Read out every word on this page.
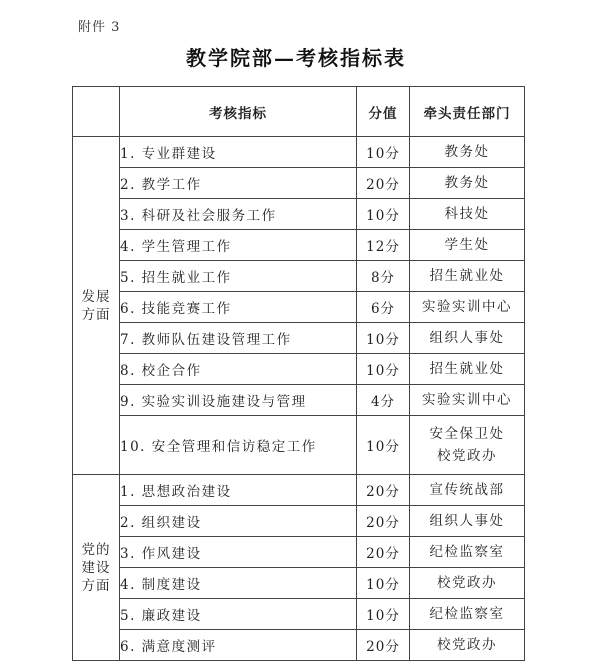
附件 3
教学院部—考核指标表
	考核指标	分值	牵头责任部门

发展
方面	1. 专业群建设	10分	教务处

	2. 教学工作	20分	教务处

	3. 科研及社会服务工作	10分	科技处

	4. 学生管理工作	12分	学生处

	5. 招生就业工作	8分	招生就业处

	6. 技能竞赛工作	6分	实验实训中心

	7. 教师队伍建设管理工作	10分	组织人事处

	8. 校企合作	10分	招生就业处

	9. 实验实训设施建设与管理	4分	实验实训中心

	10. 安全管理和信访稳定工作	10分	安全保卫处
校党政办

党的
建设
方面	1. 思想政治建设	20分	宣传统战部

	2. 组织建设	20分	组织人事处

	3. 作风建设	20分	纪检监察室

	4. 制度建设	10分	校党政办

	5. 廉政建设	10分	纪检监察室

	6. 满意度测评	20分	校党政办
